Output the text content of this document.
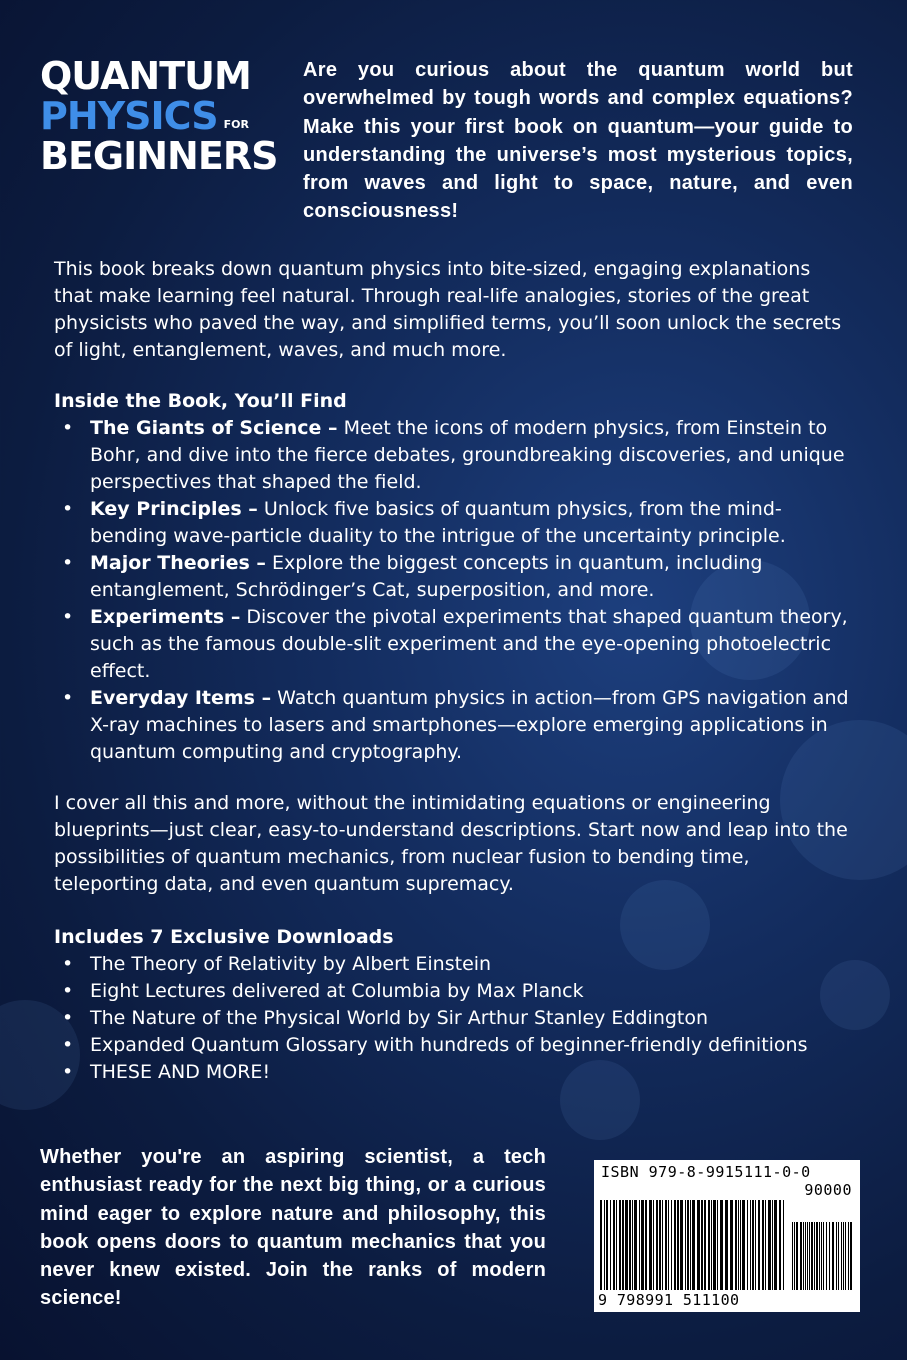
QUANTUM
PHYSICS FOR
BEGINNERS
Are you curious about the quantum world but overwhelmed by tough words and complex equations? Make this your first book on quantum—your guide to understanding the universe’s most mysterious topics, from waves and light to space, nature, and even consciousness!
This book breaks down quantum physics into bite-sized, engaging explanations that make learning feel natural. Through real-life analogies, stories of the great physicists who paved the way, and simplified terms, you’ll soon unlock the secrets of light, entanglement, waves, and much more.
Inside the Book, You’ll Find
• The Giants of Science – Meet the icons of modern physics, from Einstein to Bohr, and dive into the fierce debates, groundbreaking discoveries, and unique perspectives that shaped the field.
• Key Principles – Unlock five basics of quantum physics, from the mind-bending wave-particle duality to the intrigue of the uncertainty principle.
• Major Theories – Explore the biggest concepts in quantum, including entanglement, Schrödinger’s Cat, superposition, and more.
• Experiments – Discover the pivotal experiments that shaped quantum theory, such as the famous double-slit experiment and the eye-opening photoelectric effect.
• Everyday Items – Watch quantum physics in action—from GPS navigation and X-ray machines to lasers and smartphones—explore emerging applications in quantum computing and cryptography.
I cover all this and more, without the intimidating equations or engineering blueprints—just clear, easy-to-understand descriptions. Start now and leap into the possibilities of quantum mechanics, from nuclear fusion to bending time, teleporting data, and even quantum supremacy.
Includes 7 Exclusive Downloads
• The Theory of Relativity by Albert Einstein
• Eight Lectures delivered at Columbia by Max Planck
• The Nature of the Physical World by Sir Arthur Stanley Eddington
• Expanded Quantum Glossary with hundreds of beginner-friendly definitions
• THESE AND MORE!
Whether you're an aspiring scientist, a tech enthusiast ready for the next big thing, or a curious mind eager to explore nature and philosophy, this book opens doors to quantum mechanics that you never knew existed. Join the ranks of modern science!
ISBN 979-8-9915111-0-0
90000
9 798991 511100
